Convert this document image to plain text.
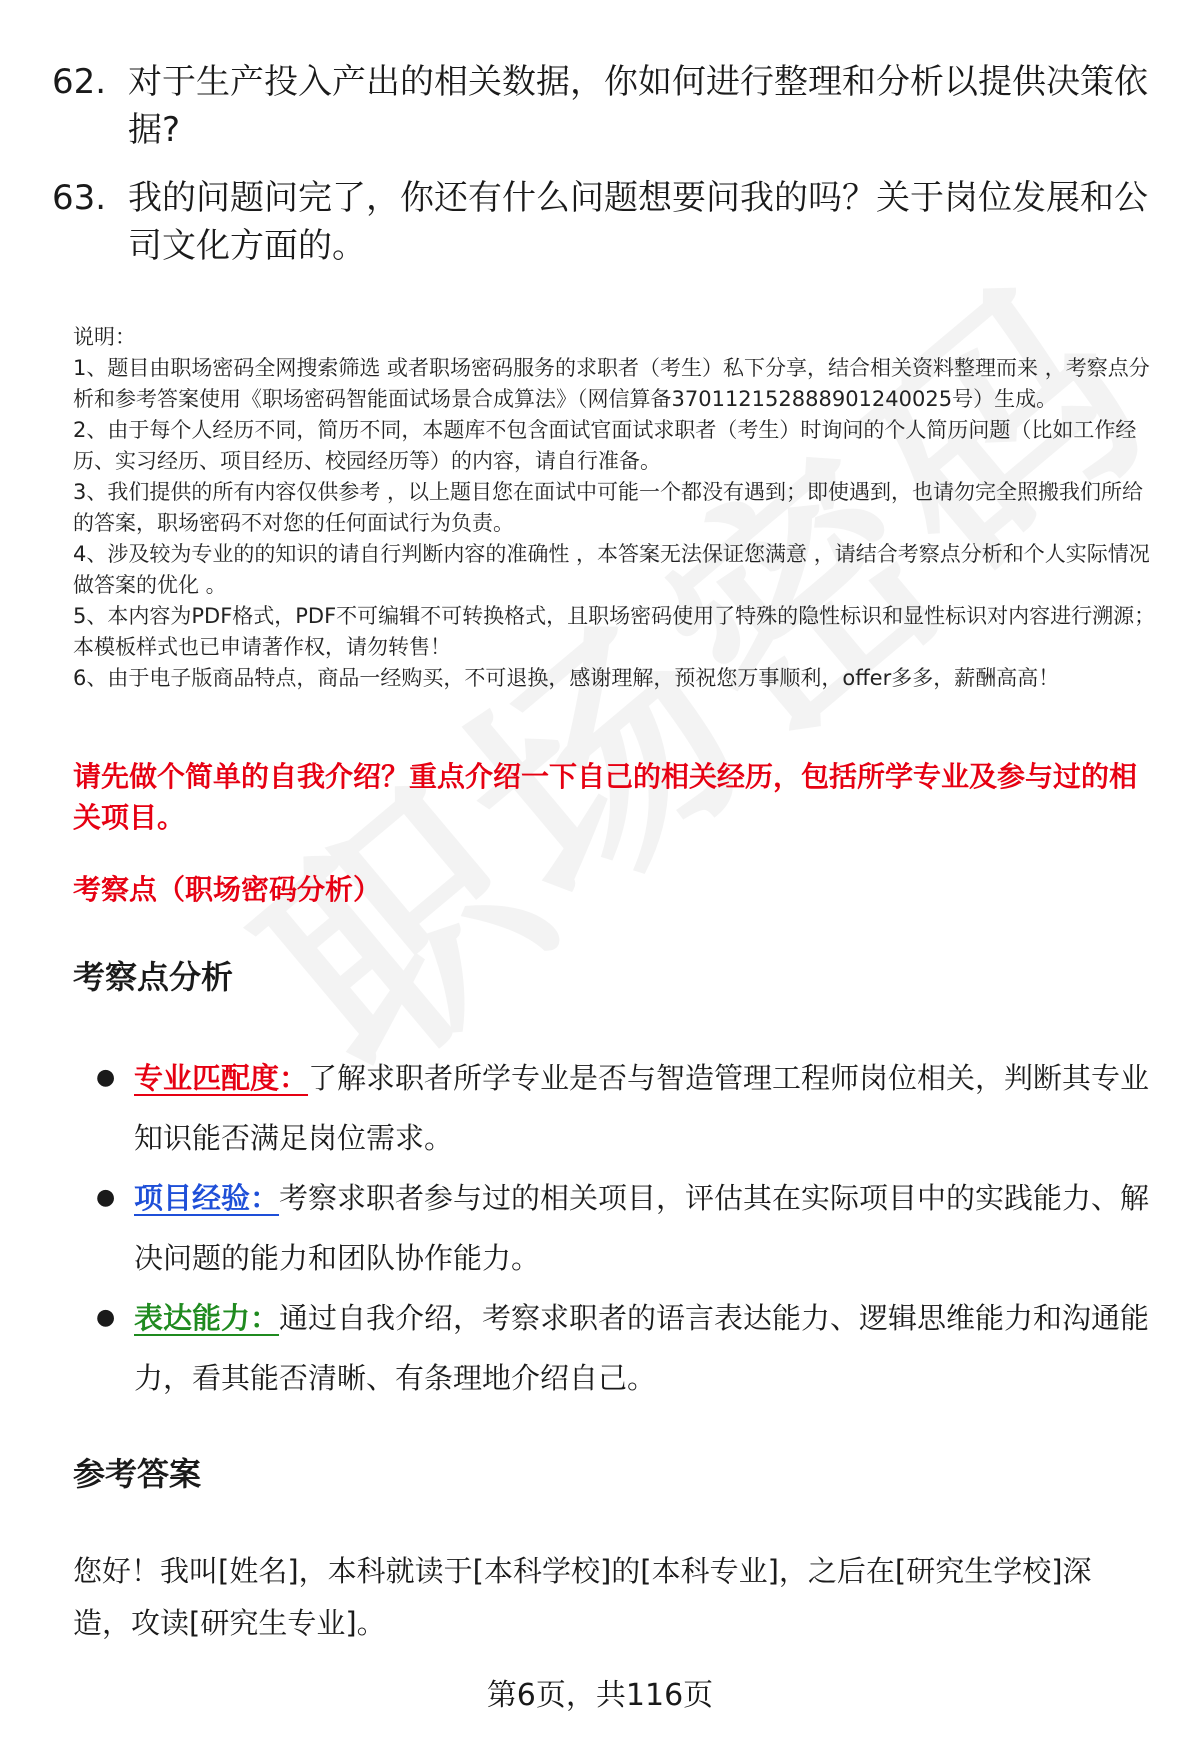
62. 对于生产投入产出的相关数据，你如何进行整理和分析以提供决策依据?
63. 我的问题问完了，你还有什么问题想要问我的吗？关于岗位发展和公司文化方面的。

说明：

1、题目由职场密码全网搜索筛选 或者职场密码服务的求职者（考生）私下分享，结合相关资料整理而来 ，考察点分析和参考答案使用《职场密码智能面试场景合成算法》（网信算备370112152888901240025号）生成。

2、由于每个人经历不同，简历不同，本题库不包含面试官面试求职者（考生）时询问的个人简历问题（比如工作经历、实习经历、项目经历、校园经历等）的内容，请自行准备。

3、我们提供的所有内容仅供参考 ，以上题目您在面试中可能一个都没有遇到；即使遇到，也请勿完全照搬我们所给的答案，职场密码不对您的任何面试行为负责。

4、涉及较为专业的的知识的请自行判断内容的准确性 ，本答案无法保证您满意 ，请结合考察点分析和个人实际情况做答案的优化 。

5、本内容为PDF格式，PDF不可编辑不可转换格式，且职场密码使用了特殊的隐性标识和显性标识对内容进行溯源；本模板样式也已申请著作权，请勿转售！

6、由于电子版商品特点，商品一经购买，不可退换，感谢理解，预祝您万事顺利，offer多多，薪酬高高！

请先做个简单的自我介绍？重点介绍一下自己的相关经历，包括所学专业及参与过的相关项目。
考察点（职场密码分析）
考察点分析
● 专业匹配度：了解求职者所学专业是否与智造管理工程师岗位相关，判断其专业知识能否满足岗位需求。
● 项目经验：考察求职者参与过的相关项目，评估其在实际项目中的实践能力、解决问题的能力和团队协作能力。
● 表达能力：通过自我介绍，考察求职者的语言表达能力、逻辑思维能力和沟通能力，看其能否清晰、有条理地介绍自己。
参考答案
您好！我叫[姓名]，本科就读于[本科学校]的[本科专业]，之后在[研究生学校]深造，攻读[研究生专业]。
第6页，共116页
